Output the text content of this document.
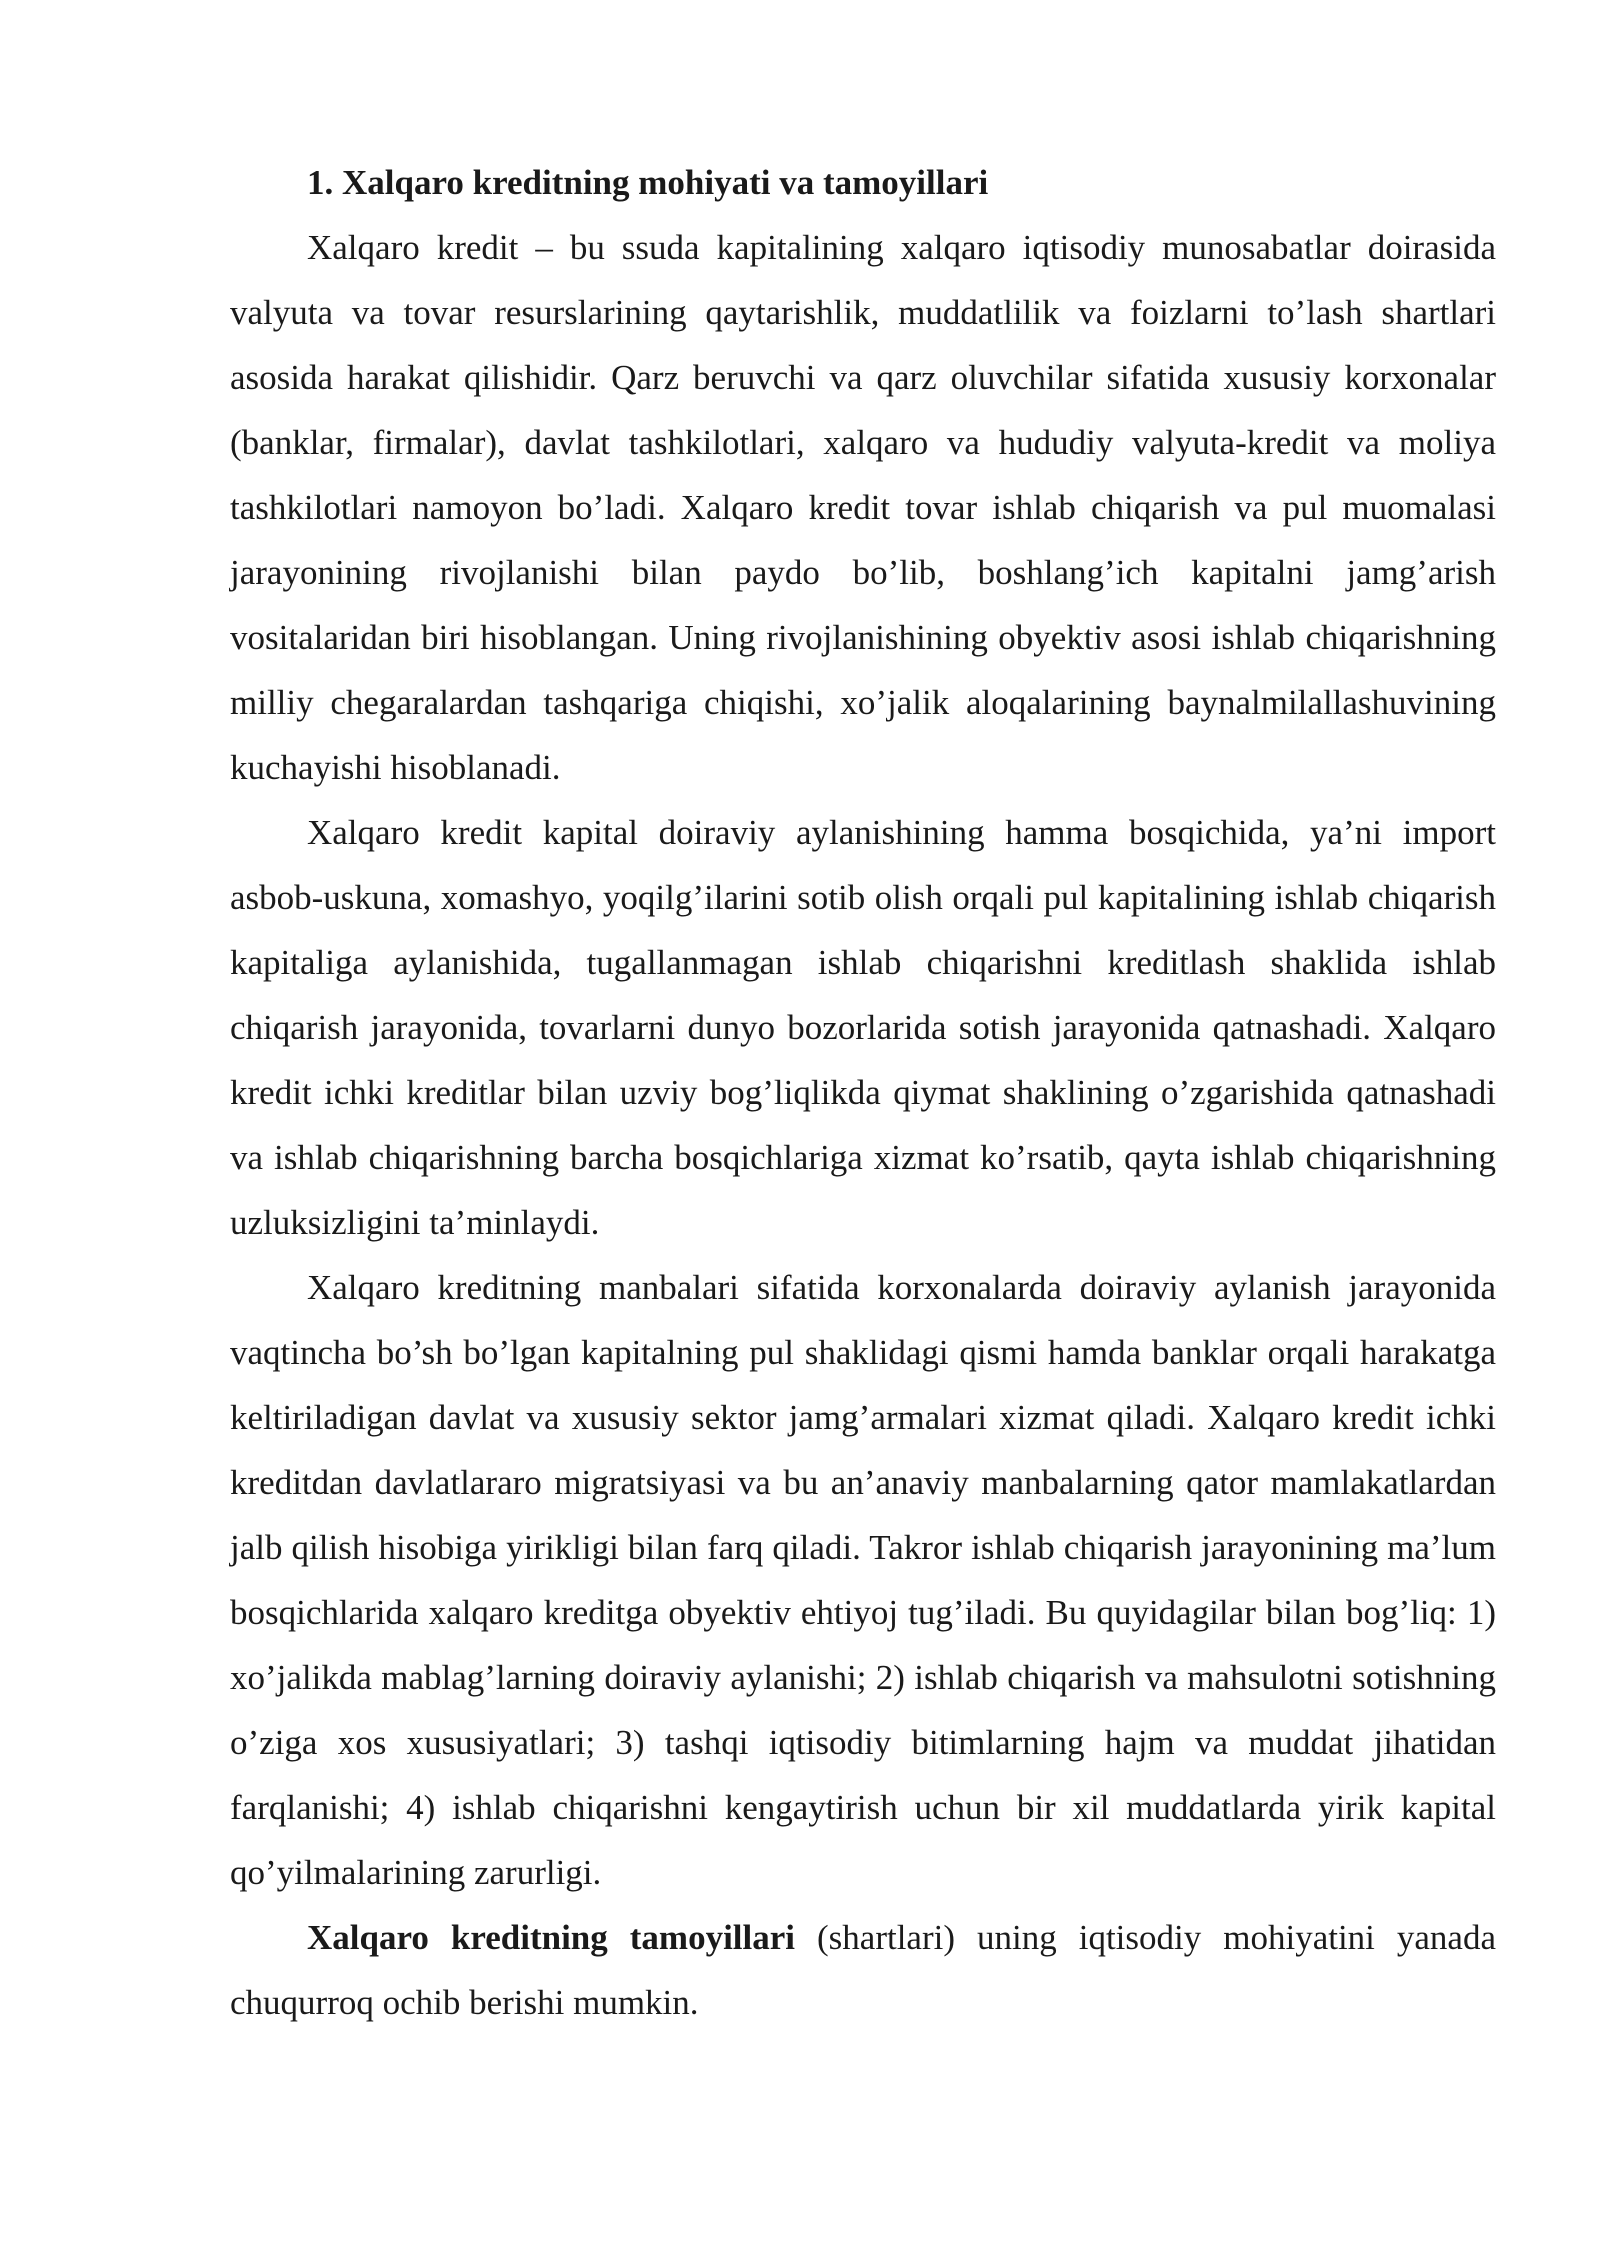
1. Xalqaro kreditning mohiyati va tamoyillari

Xalqaro kredit – bu ssuda kapitalining xalqaro iqtisodiy munosabatlar doirasida valyuta va tovar resurslarining qaytarishlik, muddatlilik va foizlarni to’lash shartlari asosida harakat qilishidir. Qarz beruvchi va qarz oluvchilar sifatida xususiy korxonalar (banklar, firmalar), davlat tashkilotlari, xalqaro va hududiy valyuta-kredit va moliya tashkilotlari namoyon bo’ladi. Xalqaro kredit tovar ishlab chiqarish va pul muomalasi jarayonining rivojlanishi bilan paydo bo’lib, boshlang’ich kapitalni jamg’arish vositalaridan biri hisoblangan. Uning rivojlanishining obyektiv asosi ishlab chiqarishning milliy chegaralardan tashqariga chiqishi, xo’jalik aloqalarining baynalmilallashuvining kuchayishi hisoblanadi.

Xalqaro kredit kapital doiraviy aylanishining hamma bosqichida, ya’ni import asbob-uskuna, xomashyo, yoqilg’ilarini sotib olish orqali pul kapitalining ishlab chiqarish kapitaliga aylanishida, tugallanmagan ishlab chiqarishni kreditlash shaklida ishlab chiqarish jarayonida, tovarlarni dunyo bozorlarida sotish jarayonida qatnashadi. Xalqaro kredit ichki kreditlar bilan uzviy bog’liqlikda qiymat shaklining o’zgarishida qatnashadi va ishlab chiqarishning barcha bosqichlariga xizmat ko’rsatib, qayta ishlab chiqarishning uzluksizligini ta’minlaydi.

Xalqaro kreditning manbalari sifatida korxonalarda doiraviy aylanish jarayonida vaqtincha bo’sh bo’lgan kapitalning pul shaklidagi qismi hamda banklar orqali harakatga keltiriladigan davlat va xususiy sektor jamg’armalari xizmat qiladi. Xalqaro kredit ichki kreditdan davlatlararo migratsiyasi va bu an’anaviy manbalarning qator mamlakatlardan jalb qilish hisobiga yirikligi bilan farq qiladi. Takror ishlab chiqarish jarayonining ma’lum bosqichlarida xalqaro kreditga obyektiv ehtiyoj tug’iladi. Bu quyidagilar bilan bog’liq: 1) xo’jalikda mablag’larning doiraviy aylanishi; 2) ishlab chiqarish va mahsulotni sotishning o’ziga xos xususiyatlari; 3) tashqi iqtisodiy bitimlarning hajm va muddat jihatidan farqlanishi; 4) ishlab chiqarishni kengaytirish uchun bir xil muddatlarda yirik kapital qo’yilmalarining zarurligi.

Xalqaro kreditning tamoyillari (shartlari) uning iqtisodiy mohiyatini yanada chuqurroq ochib berishi mumkin.
